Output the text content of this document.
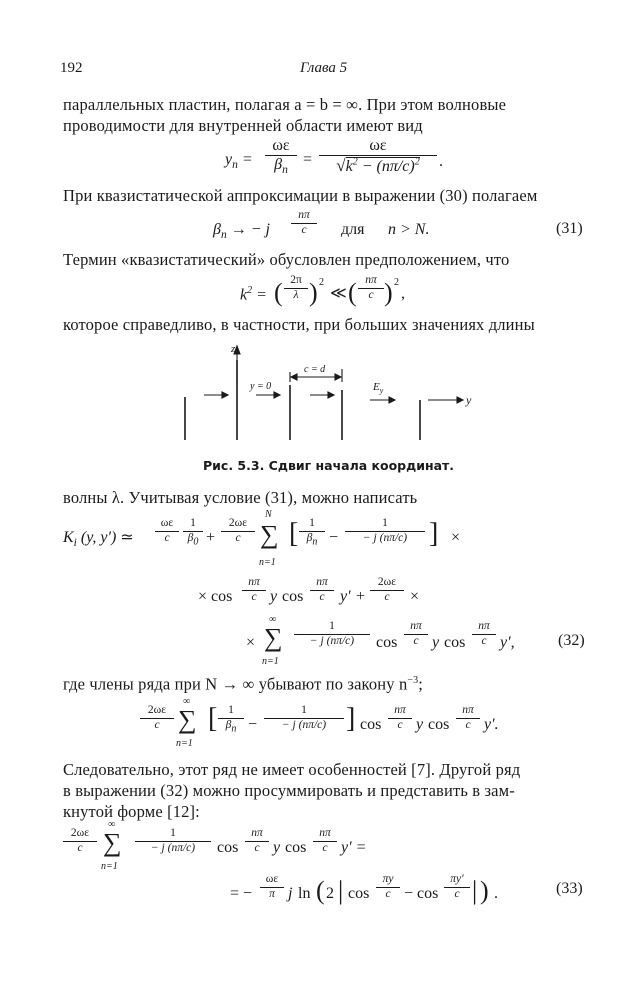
192	Глава 5
параллельных пластин, полагая a = b = ∞. При этом волновые
проводимости для внутренней области имеют вид
$y_n = \frac{\omega\varepsilon}{\beta_n} = \frac{\omega\varepsilon}{√k^2 - (n\pi/c)^2}$ .
При квазистатической аппроксимации в выражении (30) полагаем
$\beta_n$ → − j $\frac{n\pi}{c}$ для n > N.	(31)
Термин «квазистатический» обусловлен предположением, что
$k^2$ = ( $\frac{2\pi}{\lambda}$ ) 2
≪ ( $\frac{n\pi}{c}$ ) 2
,
которое справедливо, в частности, при больших значениях длины
z
y = 0
c = d
$E_y$
y
Рис. 5.3. Сдвиг начала координат.
волны λ. Учитывая условие (31), можно написать
$K_i$ (y, y′) ≃ $\frac{\omega\varepsilon}{c} \frac{1}{\beta_0} + \frac{2\omega\varepsilon}{c}$
N
∑
n=1
[ $\frac{1}{\beta_n} - \frac{1}{- j (n\pi/c)}$ ] ×
× $\cos \frac{n\pi}{c}$ y $\cos \frac{n\pi}{c} y' + \frac{2\omega\varepsilon}{c}$ ×
×
∞
∑
n=1
$\frac{1}{- j (n\pi/c)}$ $\cos \frac{n\pi}{c}$ y $\cos \frac{n\pi}{c} y'$,	(32)
где члены ряда при N → ∞ убывают по закону $n^{-3}$;
$\frac{2\omega\varepsilon}{c}$
∞
∑
n=1
[ $\frac{1}{\beta_n} - \frac{1}{- j (n\pi/c)}$ ] $\cos \frac{n\pi}{c}$ y $\cos \frac{n\pi}{c} y'$.
Следовательно, этот ряд не имеет особенностей [7]. Другой ряд
в выражении (32) можно просуммировать и представить в зам-
кнутой форме [12]:
$\frac{2\omega\varepsilon}{c}$
∞
∑
n=1
$\frac{1}{- j (n\pi/c)}$ $\cos \frac{n\pi}{c}$ y $\cos \frac{n\pi}{c} y'$ =
= − $\frac{\omega\varepsilon}{\pi}$ j ln ( 2 | $\cos \frac{\pi y}{c} - \cos \frac{\pi y'}{c}$ | ) .	(33)
